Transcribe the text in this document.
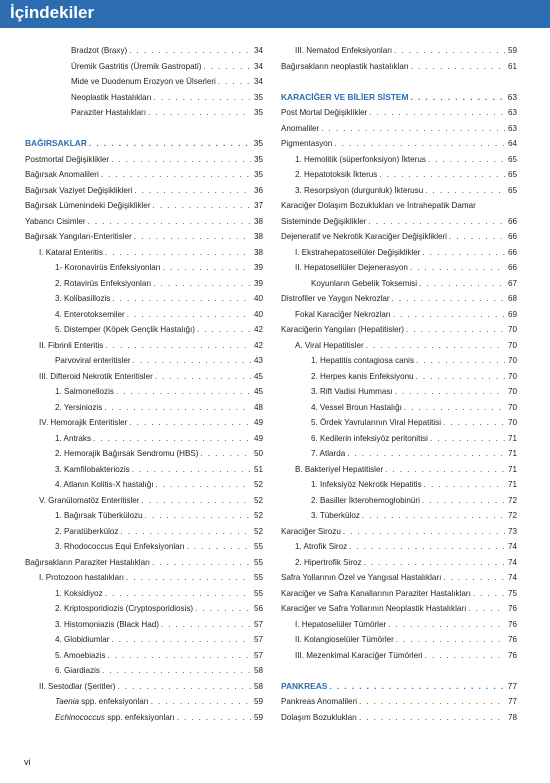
İçindekiler
Bradzot (Braxy) . . .	34
Üremik Gastritis (Üremik Gastropati) . . .	34
Mide ve Duodenum Erozyon ve Ülserleri . . .	34
Neoplastik Hastalıkları . . .	35
Paraziter Hastalıkları . . .	35
BAĞIRSAKLAR . . .	35
Postmortal Değişiklikler . . .	35
Bağırsak Anomalileri . . .	35
Bağırsak Vaziyet Değişiklikleri . . .	36
Bağırsak Lümenindeki Değişiklikler . . .	37
Yabancı Cisimler . . .	38
Bağırsak Yangıları-Enteritisler . . .	38
I. Kataral Enteritis . . .	38
1- Koronavirüs Enfeksiyonları . . .	39
2. Rotavirüs Enfeksiyonları . . .	39
3. Kolibasillozis . . .	40
4. Enterotoksemiler . . .	40
5. Distemper (Köpek Gençlik Hastalığı) . . .	42
II. Fibrinli Enteritis . . .	42
Parvoviral enteritisler . . .	43
III. Difteroid Nekrotik Enteritisler . . .	45
1. Salmonellozis . . .	45
2. Yersiniozis . . .	48
IV. Hemorajik Enteritisler . . .	49
1. Antraks . . .	49
2. Hemorajik Bağırsak Sendromu (HBS) . . .	50
3. Kamfilobakteriozis . . .	51
4. Atlanın Kolitis-X hastalığı . . .	52
V. Granülomatöz Enteritisler . . .	52
1. Bağırsak Tüberkülozu . . .	52
2. Paratüberküloz . . .	52
3. Rhodococcus Equi Enfeksiyonları . . .	55
Bağırsakların Paraziter Hastalıkları . . .	55
I. Protozoon hastalıkları . . .	55
1. Koksidiyoz . . .	55
2. Kriptosporidiozis (Cryptosporidiosis) . . .	56
3. Histomoniazis (Black Had) . . .	57
4. Globidiumlar . . .	57
5. Amoebiazis . . .	57
6. Giardiazis . . .	58
II. Sestodlar (Şeritler) . . .	58
Taenia spp. enfeksiyonları . . .	59
Echinococcus spp. enfeksiyonları . . .	59
III. Nematod Enfeksiyonları . . .	59
Bağırsakların neoplastik hastalıkları . . .	61
KARACİĞER VE BİLİER SİSTEM . . .	63
Post Mortal Değişiklikler . . .	63
Anomaliler . . .	63
Pigmentasyon . . .	64
1. Hemolitik (süperfonksiyon) İkterus . . .	65
2. Hepatotoksik İkterus . . .	65
3. Resorpsiyon (durgunluk) İkterusu . . .	65
Karaciğer Dolaşım Bozuklukları ve İntrahepatik Damar
Sisteminde Değişiklikler . . .	66
Dejeneratif ve Nekrotik Karaciğer Değişiklikleri . . .	66
I. Ekstrahepatosellüler Değişiklikler . . .	66
II. Hepatosellüler Dejenerasyon . . .	66
Koyunların Gebelik Toksemisi . . .	67
Distrofiler ve Yaygın Nekrozlar . . .	68
Fokal Karaciğer Nekrozları . . .	69
Karaciğerin Yangıları (Hepatitisler) . . .	70
A. Viral Hepatitisler . . .	70
1. Hepatitis contagiosa canis . . .	70
2. Herpes kanis Enfeksiyonu . . .	70
3. Rift Vadisi Humması . . .	70
4. Vessel Broun Hastalığı . . .	70
5. Ördek Yavrularının Viral Hepatitisi . . .	70
6. Kedilerin infeksiyöz peritonitisi . . .	71
7. Atlarda . . .	71
B. Bakteriyel Hepatitisler . . .	71
1. Infeksiyöz Nekrotik Hepatitis . . .	71
2. Basiller İkterohemoglobinüri . . .	72
3. Tüberküloz . . .	72
Karaciğer Sirozu . . .	73
1. Atrofik Siroz . . .	74
2. Hipertrofik Siroz . . .	74
Safra Yollarının Özel ve Yangısal Hastalıkları . . .	74
Karaciğer ve Safra Kanallarının Paraziter Hastalıkları . . .	75
Karaciğer ve Safra Yollarının Neoplastik Hastalıkları . . .	76
I. Hepatoselüler Tümörler . . .	76
II. Kolangioselüler Tümörler . . .	76
III. Mezenkimal Karaciğer Tümörleri . . .	76
PANKREAS . . .	77
Pankreas Anomalileri . . .	77
Dolaşım Bozuklukları . . .	78
vi
